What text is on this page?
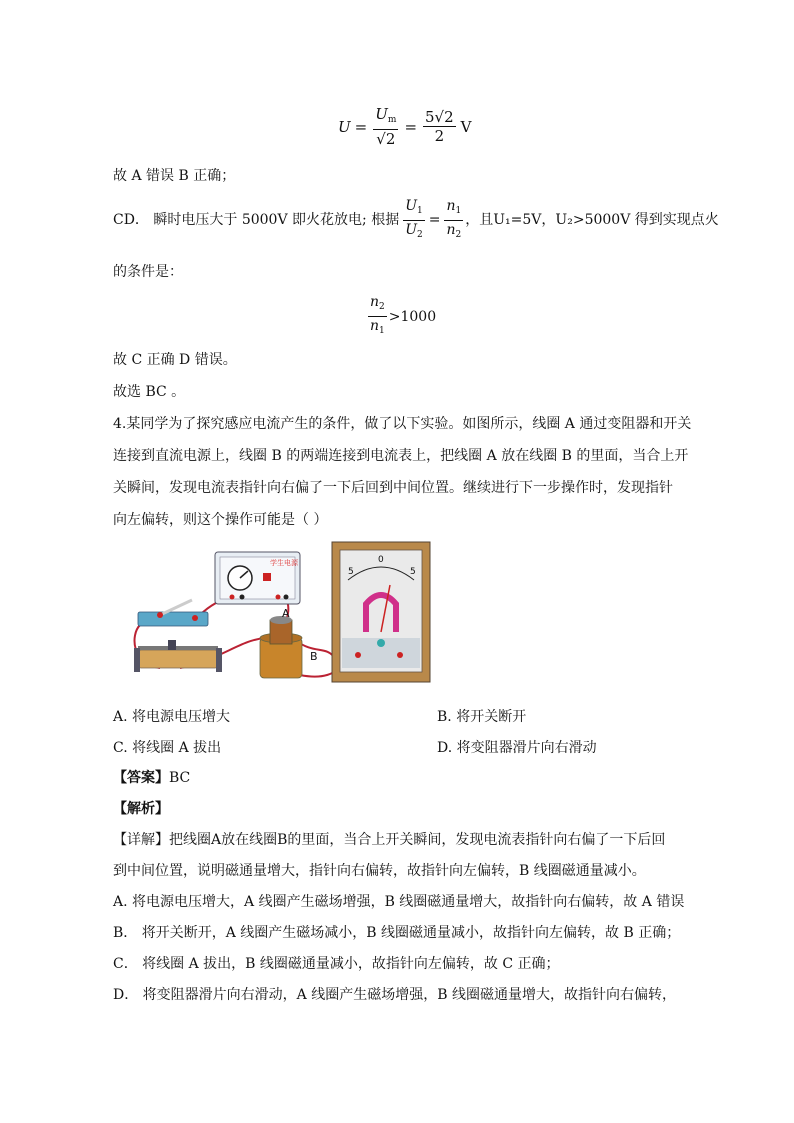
$U = \frac{U_m}{√2} = \frac{5√2}{2}$ V
故 A 错误 B 正确；
CD． 瞬时电压大于 5000V 即火花放电; 根据 $\frac{U_1}{U_2} = \frac{n_1}{n_2}$ ，且 U₁=5V， U₂>5000V 得到实现点火
的条件是：
$\frac{n_2}{n_1} >1000$
故 C 正确 D 错误。
故选 BC 。
4.某同学为了探究感应电流产生的条件，做了以下实验。如图所示，线圈 A 通过变阻器和开关
连接到直流电源上，线圈 B 的两端连接到电流表上，把线圈 A 放在线圈 B 的里面，当合上开
关瞬间，发现电流表指针向右偏了一下后回到中间位置。继续进行下一步操作时，发现指针
向左偏转，则这个操作可能是（ ）
学生电源
A
B
5
0
5
A. 将电源电压增大	B. 将开关断开
C. 将线圈 A 拔出	D. 将变阻器滑片向右滑动
【答案】BC
【解析】
【详解】把线圈A放在线圈B的里面，当合上开关瞬间，发现电流表指针向右偏了一下后回
到中间位置，说明磁通量增大，指针向右偏转，故指针向左偏转，B 线圈磁通量减小。
A. 将电源电压增大，A 线圈产生磁场增强，B 线圈磁通量增大，故指针向右偏转，故 A 错误
B． 将开关断开，A 线圈产生磁场减小，B 线圈磁通量减小，故指针向左偏转，故 B 正确；
C． 将线圈 A 拔出，B 线圈磁通量减小，故指针向左偏转，故 C 正确；
D． 将变阻器滑片向右滑动，A 线圈产生磁场增强，B 线圈磁通量增大，故指针向右偏转，
